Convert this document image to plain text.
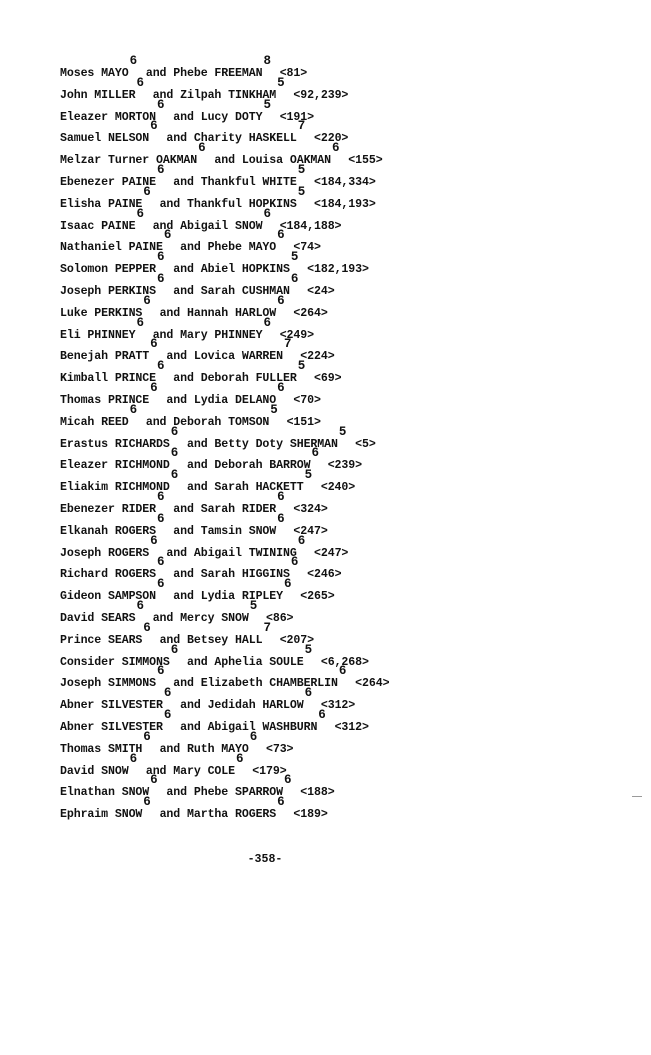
Moses MAYO$^6$ and Phebe $FREEMAN^8 <81>$
John MILLER$^6$ and Zilpah $TINKHAM^5 <92,239>$
Eleazer MORTON$^6$ and Lucy $DOTY^5 <191>$
Samuel NELSON$^6$ and Charity $HASKELL^7 <220>$
Melzar Turner OAKMAN$^6$ and Louisa $OAKMAN^6 <155>$
Ebenezer PAINE$^6$ and Thankful $WHITE^5 <184,334>$
Elisha PAINE$^6$ and Thankful $HOPKINS^5 <184,193>$
Isaac PAINE$^6$ and Abigail $SNOW^6 <184,188>$
Nathaniel PAINE$^6$ and Phebe $MAYO^6 <74>$
Solomon PEPPER$^6$ and Abiel $HOPKINS^5 <182,193>$
Joseph PERKINS$^6$ and Sarah $CUSHMAN^6 <24>$
Luke PERKINS$^6$ and Hannah $HARLOW^6 <264>$
Eli PHINNEY$^6$ and Mary $PHINNEY^6 <249>$
Benejah PRATT$^6$ and Lovica $WARREN^7 <224>$
Kimball PRINCE$^6$ and Deborah $FULLER^5 <69>$
Thomas PRINCE$^6$ and Lydia $DELANO^6 <70>$
Micah REED$^6$ and Deborah $TOMSON^5 <151>$
Erastus RICHARDS$^6$ and Betty Doty $SHERMAN^5 <5>$
Eleazer RICHMOND$^6$ and Deborah $BARROW^6 <239>$
Eliakim RICHMOND$^6$ and Sarah $HACKETT^5 <240>$
Ebenezer RIDER$^6$ and Sarah $RIDER^6 <324>$
Elkanah ROGERS$^6$ and Tamsin $SNOW^6 <247>$
Joseph ROGERS$^6$ and Abigail $TWINING^6 <247>$
Richard ROGERS$^6$ and Sarah $HIGGINS^6 <246>$
Gideon SAMPSON$^6$ and Lydia $RIPLEY^6 <265>$
David SEARS$^6$ and Mercy $SNOW^5 <86>$
Prince SEARS$^6$ and Betsey $HALL^7 <207>$
Consider SIMMONS$^6$ and Aphelia $SOULE^5 <6,268>$
Joseph SIMMONS$^6$ and Elizabeth $CHAMBERLIN^6 <264>$
Abner SILVESTER$^6$ and Jedidah $HARLOW^6 <312>$
Abner SILVESTER$^6$ and Abigail $WASHBURN^6 <312>$
Thomas SMITH$^6$ and Ruth $MAYO^6 <73>$
David SNOW$^6$ and Mary $COLE^6 <179>$
Elnathan SNOW$^6$ and Phebe $SPARROW^6 <188>$
Ephraim SNOW$^6$ and Martha $ROGERS^6 <189>$
-358-
